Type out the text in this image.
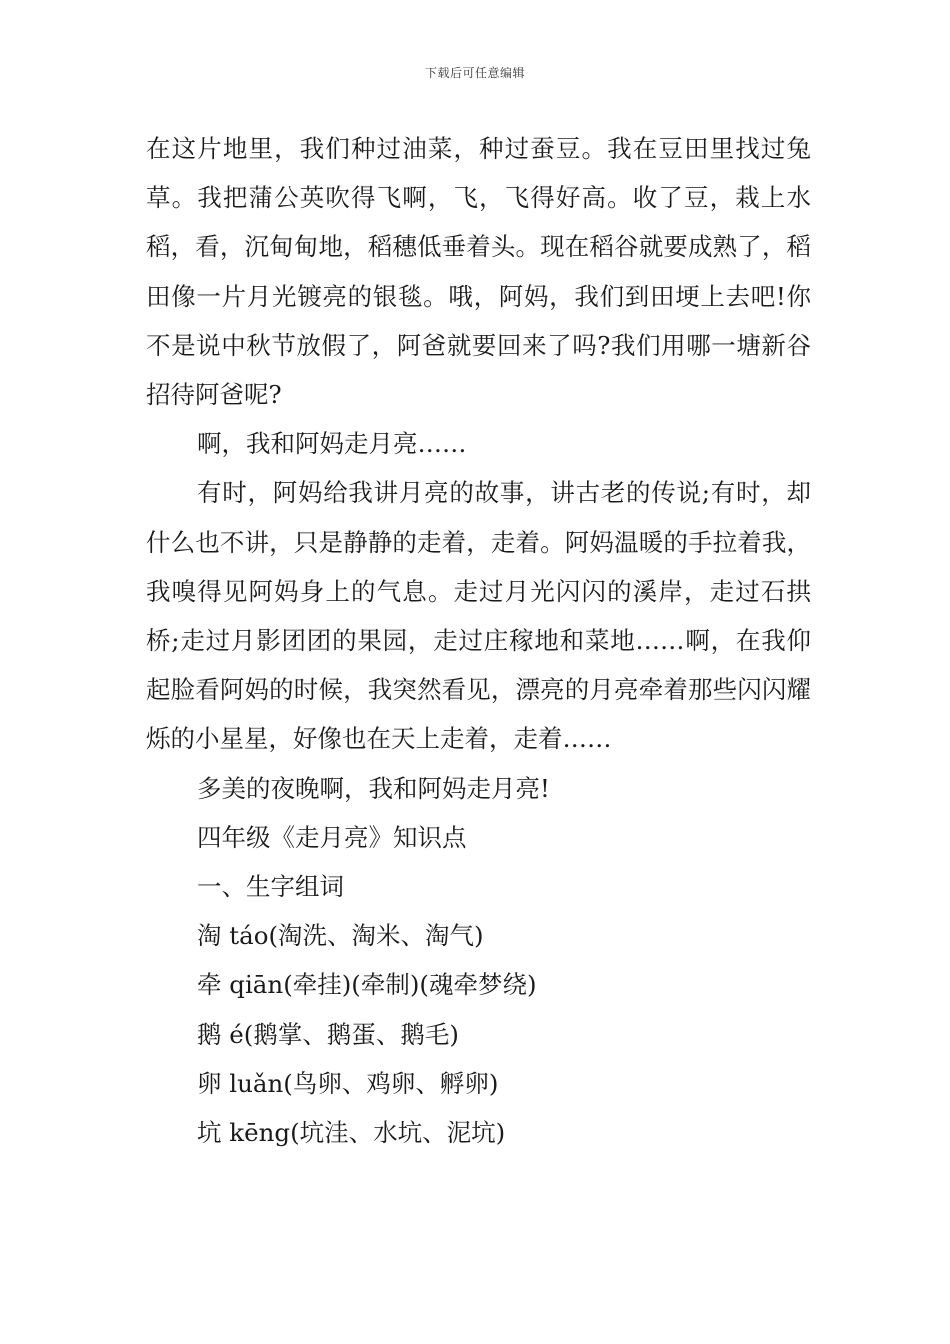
下载后可任意编辑

在这片地里，我们种过油菜，种过蚕豆。我在豆田里找过兔草。我把蒲公英吹得飞啊，飞，飞得好高。收了豆，栽上水稻，看，沉甸甸地，稻穗低垂着头。现在稻谷就要成熟了，稻田像一片月光镀亮的银毯。哦，阿妈，我们到田埂上去吧!你不是说中秋节放假了，阿爸就要回来了吗?我们用哪一塘新谷招待阿爸呢?

啊，我和阿妈走月亮……

有时，阿妈给我讲月亮的故事，讲古老的传说;有时，却什么也不讲，只是静静的走着，走着。阿妈温暖的手拉着我，我嗅得见阿妈身上的气息。走过月光闪闪的溪岸，走过石拱桥;走过月影团团的果园，走过庄稼地和菜地……啊，在我仰起脸看阿妈的时候，我突然看见，漂亮的月亮牵着那些闪闪耀烁的小星星，好像也在天上走着，走着……

多美的夜晚啊，我和阿妈走月亮!

四年级《走月亮》知识点

一、生字组词

淘 táo(淘洗、淘米、淘气)

牵 qiān(牵挂)(牵制)(魂牵梦绕)

鹅 é(鹅掌、鹅蛋、鹅毛)

卵 luǎn(鸟卵、鸡卵、孵卵)

坑 kēng(坑洼、水坑、泥坑)
